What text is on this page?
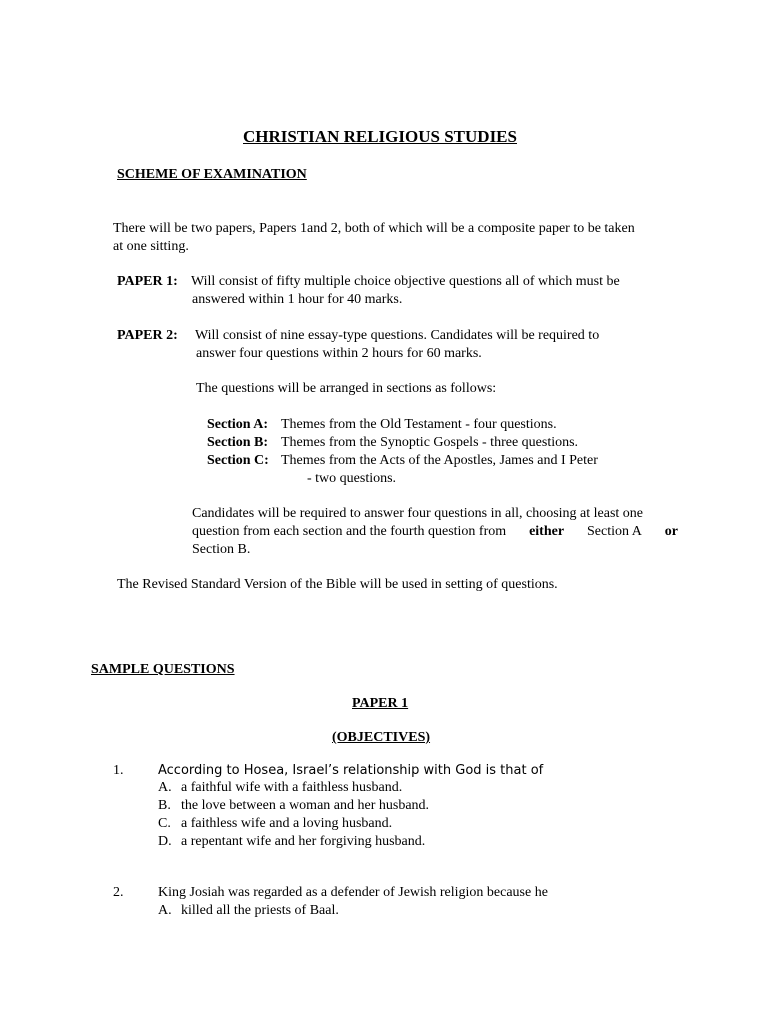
CHRISTIAN RELIGIOUS STUDIES
SCHEME OF EXAMINATION
There will be two papers, Papers 1and 2, both of which will be a composite paper to be taken
at one sitting.
PAPER 1: Will consist of fifty multiple choice objective questions all of which must be
answered within 1 hour for 40 marks.
PAPER 2: Will consist of nine essay-type questions. Candidates will be required to
answer four questions within 2 hours for 60 marks.
The questions will be arranged in sections as follows:
Section A: Themes from the Old Testament - four questions.
Section B: Themes from the Synoptic Gospels - three questions.
Section C: Themes from the Acts of the Apostles, James and I Peter
- two questions.
Candidates will be required to answer four questions in all, choosing at least one
question from each section and the fourth question from either Section A or
Section B.
The Revised Standard Version of the Bible will be used in setting of questions.
SAMPLE QUESTIONS
PAPER 1
(OBJECTIVES)
1.	According to Hosea, Israel’s relationship with God is that of
A. a faithful wife with a faithless husband.
B. the love between a woman and her husband.
C. a faithless wife and a loving husband.
D. a repentant wife and her forgiving husband.
2. King Josiah was regarded as a defender of Jewish religion because he
A. killed all the priests of Baal.
